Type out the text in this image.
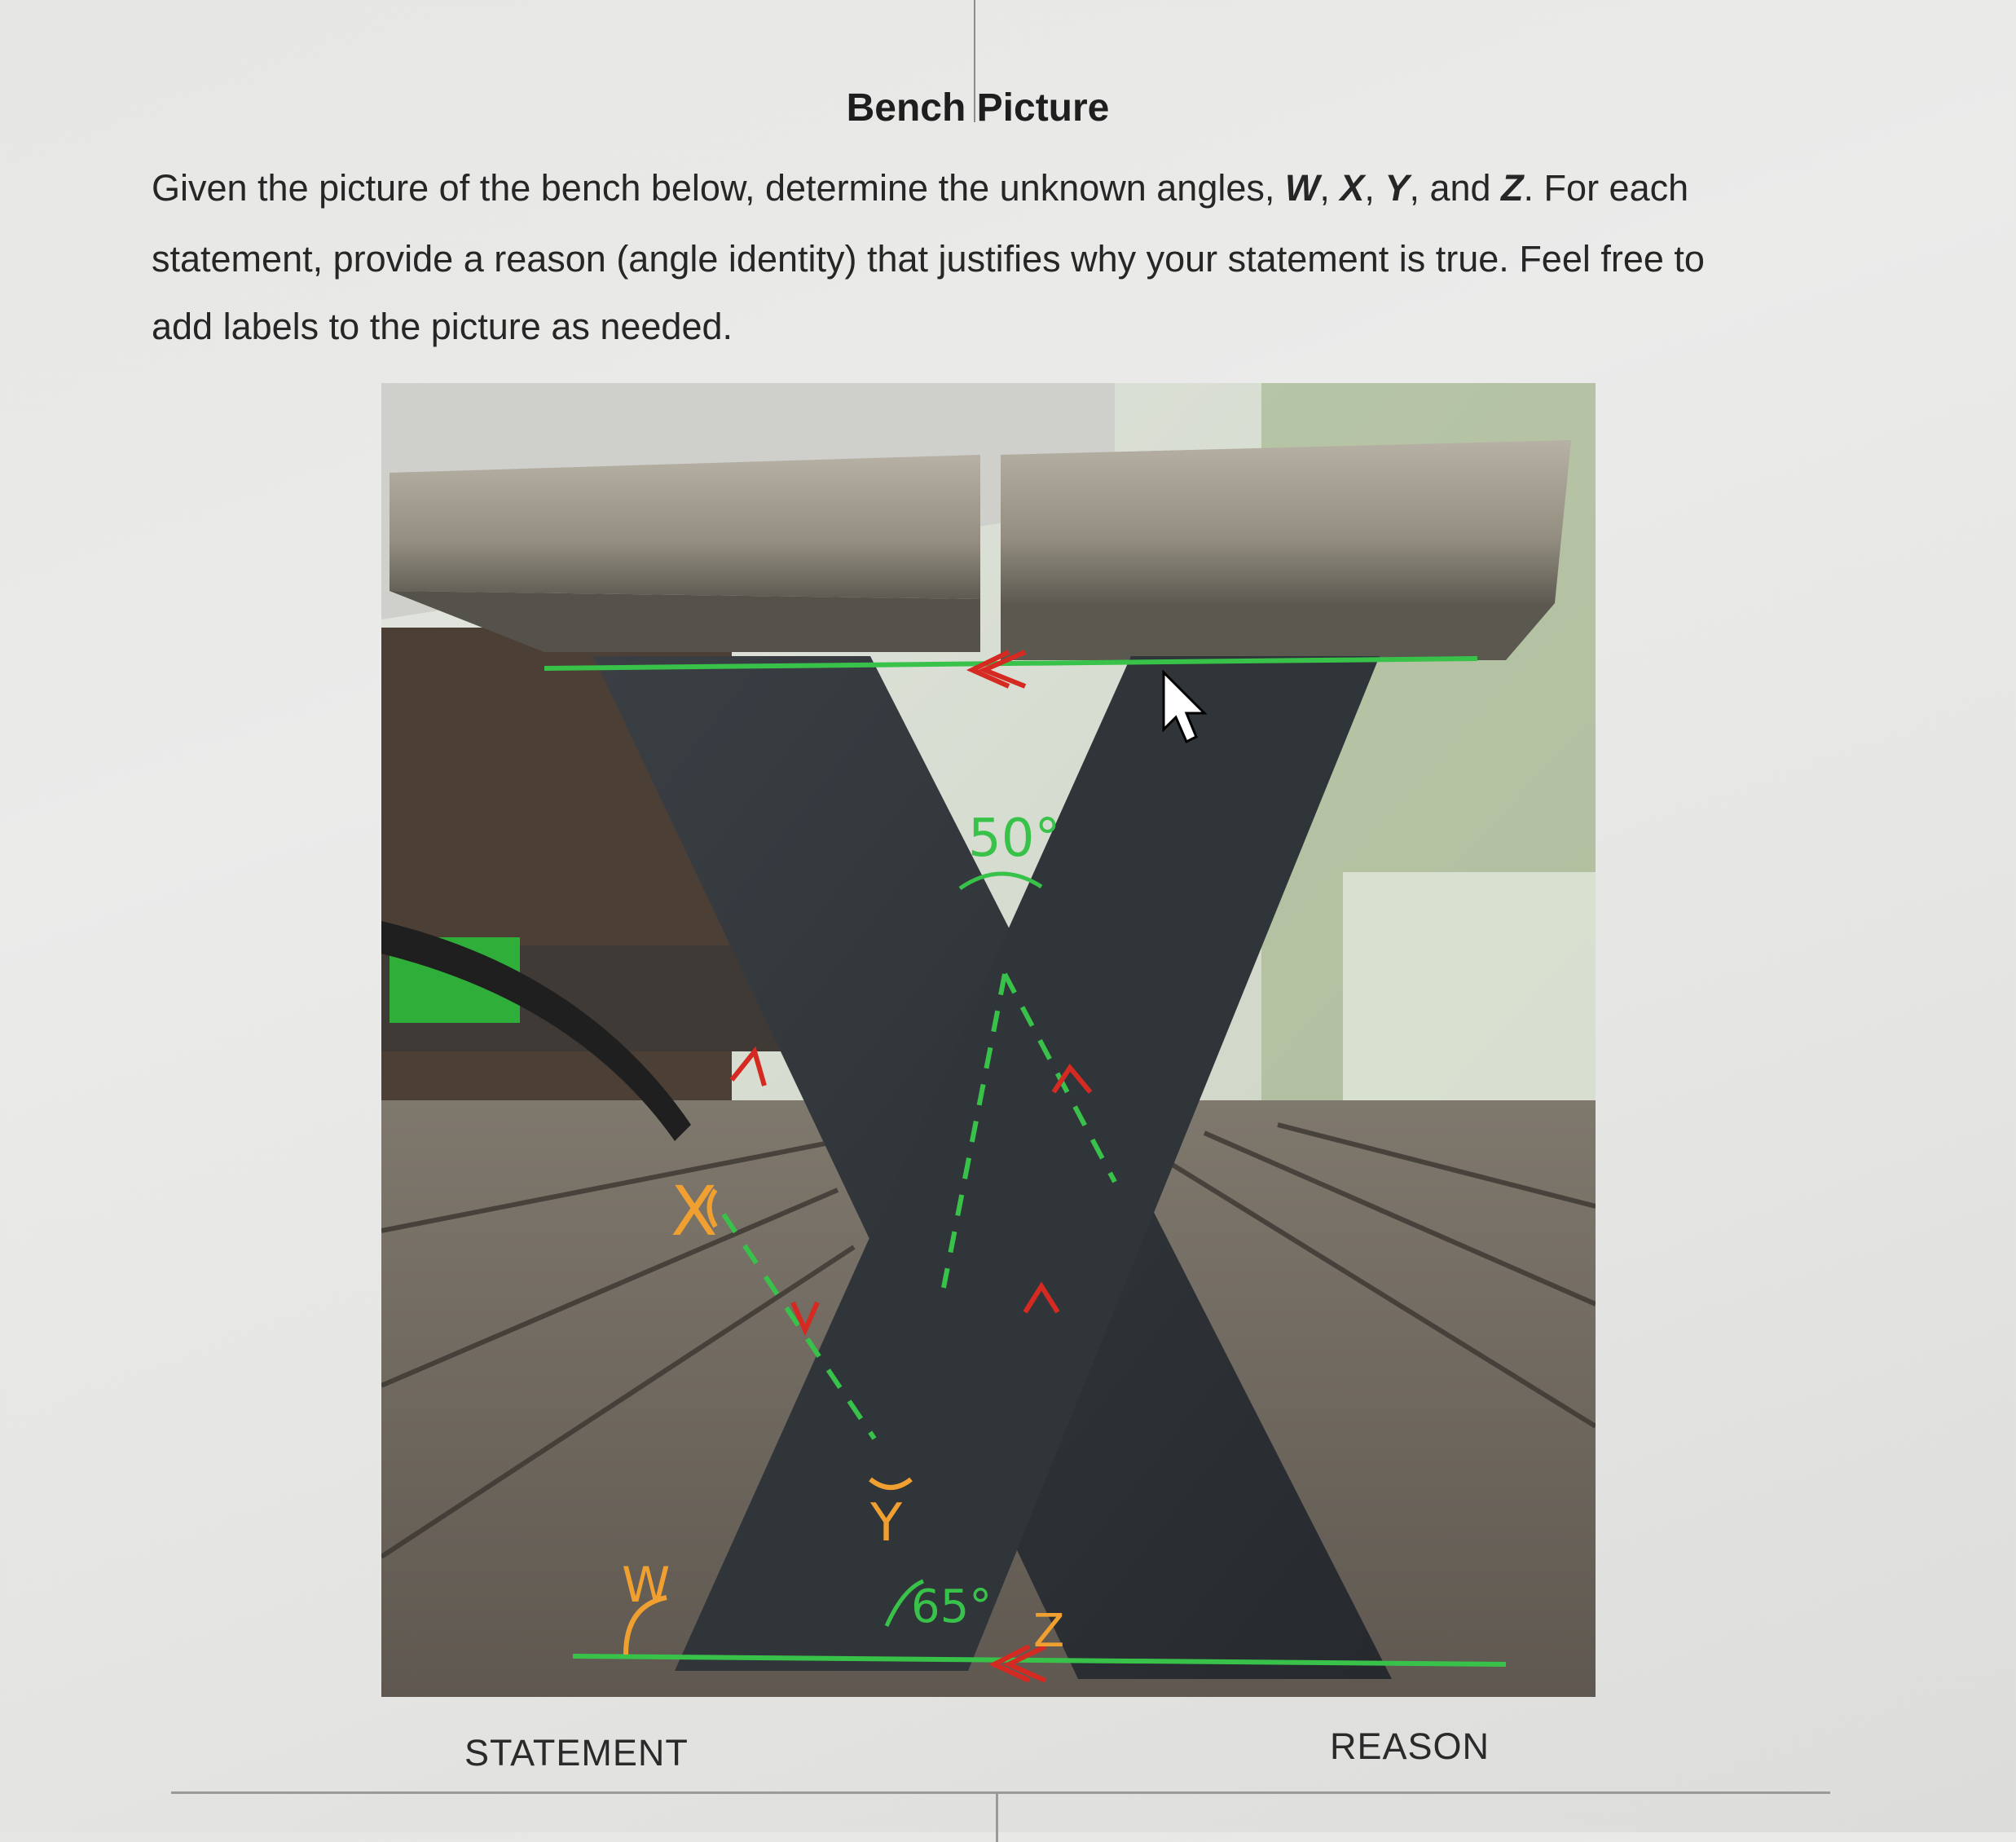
Bench Picture
Given the picture of the bench below, determine the unknown angles, W, X, Y, and Z. For each
statement, provide a reason (angle identity) that justifies why your statement is true. Feel free to
add labels to the picture as needed.
50°
65°
X
Y
W
Z
STATEMENT	REASON
